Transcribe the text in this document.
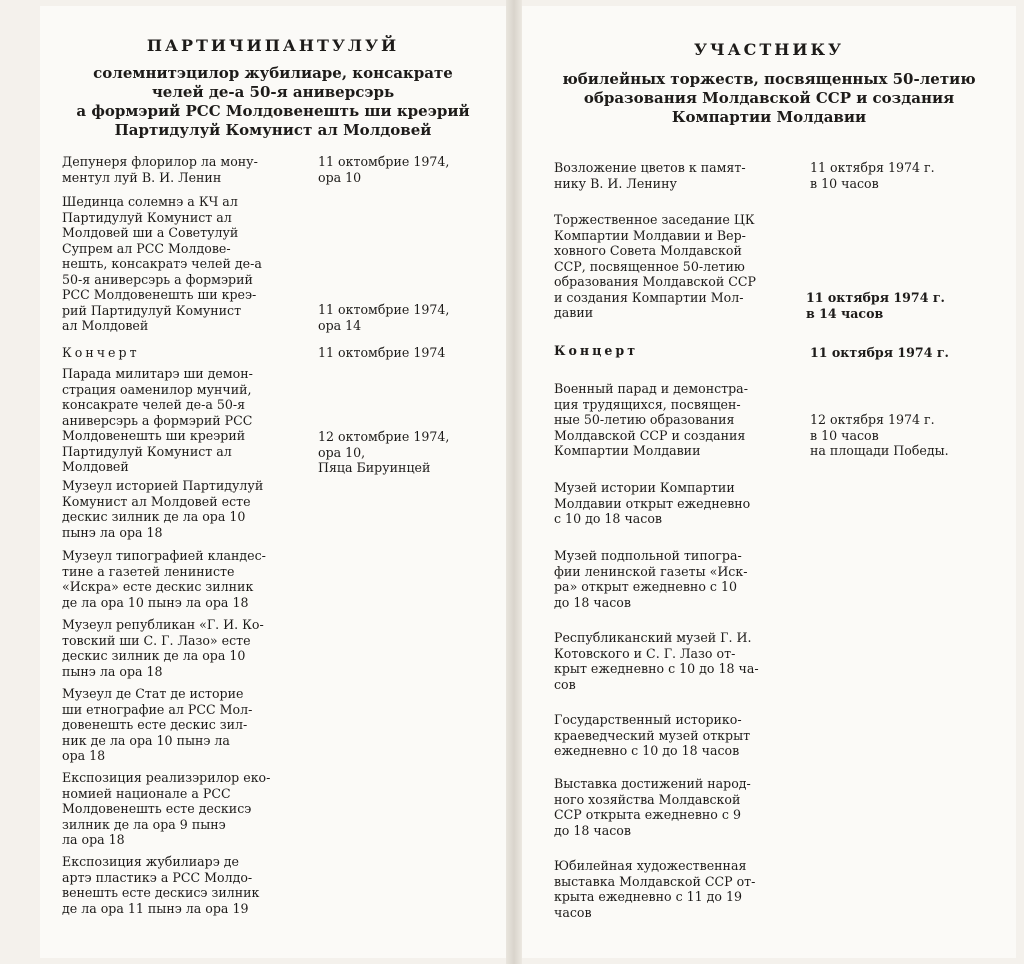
ПАРТИЧИПАНТУЛУЙ
солемнитэцилор жубилиаре, консакрате
челей де-а 50-я аниверсэрь
а формэрий РСС Молдовенешть ши креэрий
Партидулуй Комунист ал Молдовей
Депунеря флорилор ла мону-
ментул луй В. И. Ленин
11 октомбрие 1974,
ора 10
Шединца солемнэ а КЧ ал
Партидулуй Комунист ал
Молдовей ши а Советулуй
Супрем ал РСС Молдове-
нешть, консакратэ челей де-а
50-я аниверсэрь а формэрий
РСС Молдовенешть ши креэ-
рий Партидулуй Комунист
ал Молдовей
11 октомбрие 1974,
ора 14
Кончерт	11 октомбрие 1974
Парада милитарэ ши демон-
страция оаменилор мунчий,
консакрате челей де-а 50-я
аниверсэрь а формэрий РСС
Молдовенешть ши креэрий
Партидулуй Комунист ал
Молдовей
12 октомбрие 1974,
ора 10,
Пяца Бируинцей
Музеул историей Партидулуй
Комунист ал Молдовей есте
дескис зилник де ла ора 10
пынэ ла ора 18
Музеул типографией кландес-
тине а газетей лениниcте
«Искра» есте дескис зилник
де ла ора 10 пынэ ла ора 18
Музеул републикан «Г. И. Ко-
товский ши С. Г. Лазо» есте
дескис зилник де ла ора 10
пынэ ла ора 18
Музеул де Стат де историе
ши етнографие ал РСС Мол-
довенешть есте дескис зил-
ник де ла ора 10 пынэ ла
ора 18
Експозиция реализэрилор еко-
номией национале а РСС
Молдовенешть есте дескисэ
зилник де ла ора 9 пынэ
ла ора 18
Експозиция жубилиарэ де
артэ пластикэ а РСС Молдо-
венешть есте дескисэ зилник
де ла ора 11 пынэ ла ора 19
УЧАСТНИКУ
юбилейных торжеств, посвященных 50-летию
образования Молдавской ССР и создания
Компартии Молдавии
Возложение цветов к памят-
нику В. И. Ленину
11 октября 1974 г.
в 10 часов
Торжественное заседание ЦК
Компартии Молдавии и Вер-
ховного Совета Молдавской
ССР, посвященное 50-летию
образования Молдавской ССР
и создания Компартии Мол-
давии
11 октября 1974 г.
в 14 часов
Концерт	11 октября 1974 г.
Военный парад и демонстра-
ция трудящихся, посвящен-
ные 50-летию образования
Молдавской ССР и создания
Компартии Молдавии
12 октября 1974 г.
в 10 часов
на площади Победы.
Музей истории Компартии
Молдавии открыт ежедневно
с 10 до 18 часов
Музей подпольной типогра-
фии ленинской газеты «Иск-
ра» открыт ежедневно с 10
до 18 часов
Республиканский музей Г. И.
Котовского и С. Г. Лазо от-
крыт ежедневно с 10 до 18 ча-
сов
Государственный историко-
краеведческий музей открыт
ежедневно с 10 до 18 часов
Выставка достижений народ-
ного хозяйства Молдавской
ССР открыта ежедневно с 9
до 18 часов
Юбилейная художественная
выставка Молдавской ССР от-
крыта ежедневно с 11 до 19
часов
